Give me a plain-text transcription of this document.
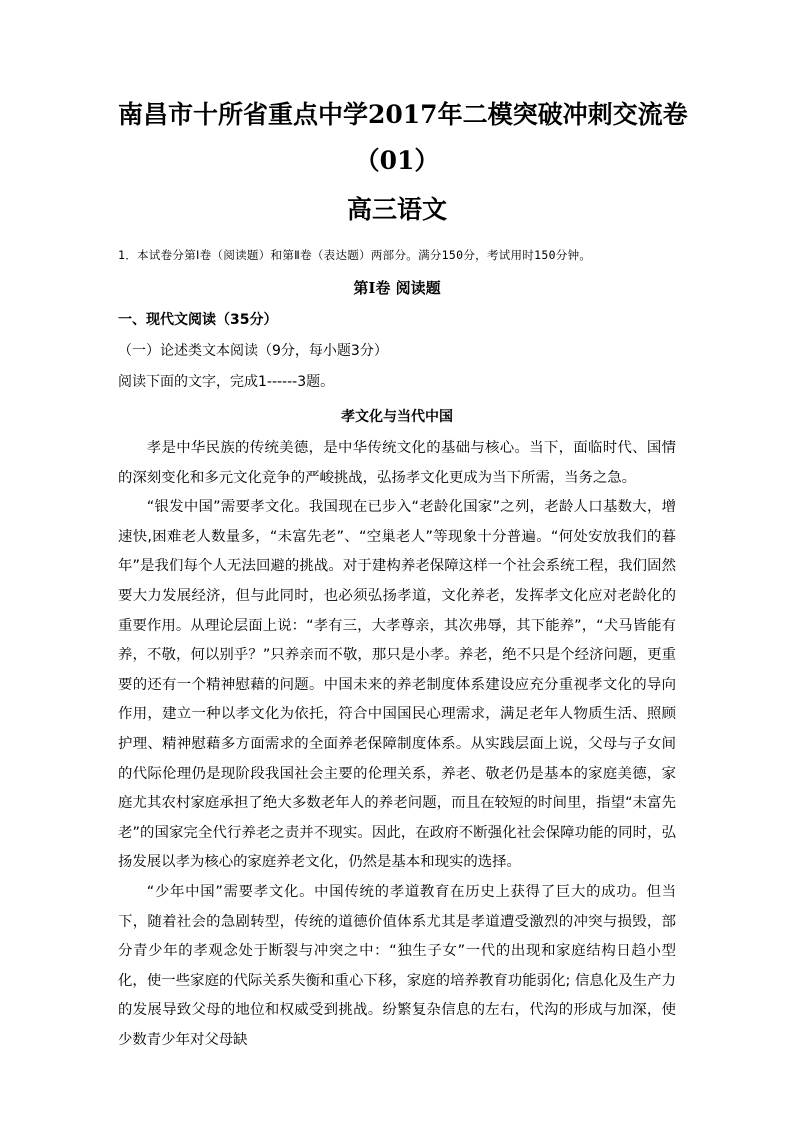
南昌市十所省重点中学2017年二模突破冲刺交流卷
（01）
高三语文

1．本试卷分第Ⅰ卷（阅读题）和第Ⅱ卷（表达题）两部分。满分150分，考试用时150分钟。

第Ⅰ卷 阅读题

一、现代文阅读（35分）

（一）论述类文本阅读（9分，每小题3分）

阅读下面的文字，完成1------3题。

孝文化与当代中国

孝是中华民族的传统美德，是中华传统文化的基础与核心。当下，面临时代、国情的深刻变化和多元文化竞争的严峻挑战，弘扬孝文化更成为当下所需，当务之急。

“银发中国”需要孝文化。我国现在已步入“老龄化国家”之列，老龄人口基数大，增速快,困难老人数量多，“未富先老”、“空巢老人”等现象十分普遍。“何处安放我们的暮年”是我们每个人无法回避的挑战。对于建构养老保障这样一个社会系统工程，我们固然要大力发展经济，但与此同时，也必须弘扬孝道，文化养老，发挥孝文化应对老龄化的重要作用。从理论层面上说：“孝有三，大孝尊亲，其次弗辱，其下能养”，“犬马皆能有养，不敬，何以别乎？”只养亲而不敬，那只是小孝。养老，绝不只是个经济问题，更重要的还有一个精神慰藉的问题。中国未来的养老制度体系建设应充分重视孝文化的导向作用，建立一种以孝文化为依托，符合中国国民心理需求，满足老年人物质生活、照顾护理、精神慰藉多方面需求的全面养老保障制度体系。从实践层面上说，父母与子女间的代际伦理仍是现阶段我国社会主要的伦理关系，养老、敬老仍是基本的家庭美德，家庭尤其农村家庭承担了绝大多数老年人的养老问题，而且在较短的时间里，指望“未富先老”的国家完全代行养老之责并不现实。因此，在政府不断强化社会保障功能的同时，弘扬发展以孝为核心的家庭养老文化，仍然是基本和现实的选择。

“少年中国”需要孝文化。中国传统的孝道教育在历史上获得了巨大的成功。但当下，随着社会的急剧转型，传统的道德价值体系尤其是孝道遭受激烈的冲突与损毁，部分青少年的孝观念处于断裂与冲突之中：“独生子女”一代的出现和家庭结构日趋小型化，使一些家庭的代际关系失衡和重心下移，家庭的培养教育功能弱化; 信息化及生产力的发展导致父母的地位和权威受到挑战。纷繁复杂信息的左右，代沟的形成与加深，使少数青少年对父母缺
